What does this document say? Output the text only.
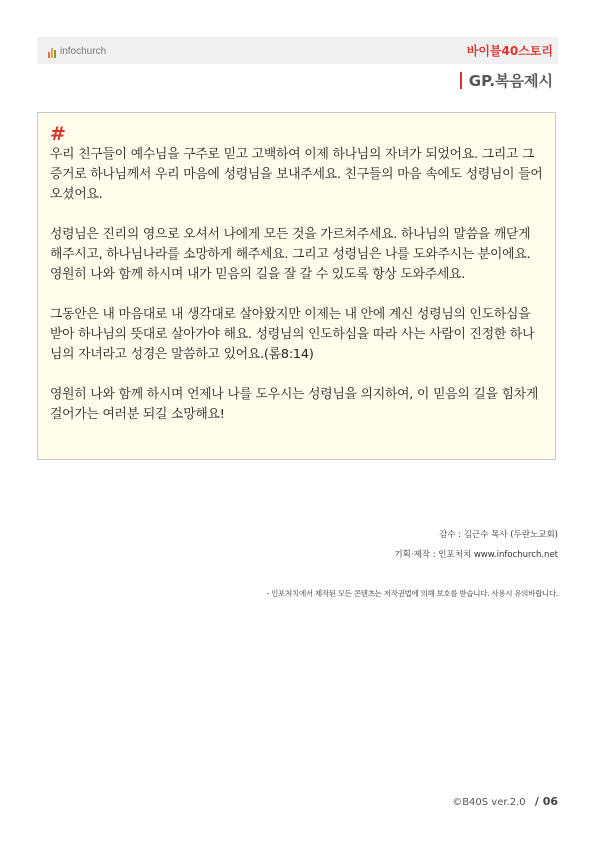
infochurch	바이블40스토리
GP.복음제시
#

우리 친구들이 예수님을 구주로 믿고 고백하여 이제 하나님의 자녀가 되었어요. 그리고 그 증거로 하나님께서 우리 마음에 성령님을 보내주세요. 친구들의 마음 속에도 성령님이 들어오셨어요.

성령님은 진리의 영으로 오셔서 나에게 모든 것을 가르쳐주세요. 하나님의 말씀을 깨닫게 해주시고, 하나님나라를 소망하게 해주세요. 그리고 성령님은 나를 도와주시는 분이에요. 영원히 나와 함께 하시며 내가 믿음의 길을 잘 갈 수 있도록 항상 도와주세요.

그동안은 내 마음대로 내 생각대로 살아왔지만 이제는 내 안에 계신 성령님의 인도하심을 받아 하나님의 뜻대로 살아가야 해요. 성령님의 인도하심을 따라 사는 사람이 진정한 하나님의 자녀라고 성경은 말씀하고 있어요.(롬8:14)

영원히 나와 함께 하시며 언제나 나를 도우시는 성령님을 의지하여, 이 믿음의 길을 힘차게 걸어가는 여러분 되길 소망해요!

감수 : 김근수 목사 (두란노교회)
기획·제작 : 인포처치 www.infochurch.net
- 인포처치에서 제작된 모든 콘텐츠는 저작권법에 의해 보호를 받습니다. 사용시 유의바랍니다.
©B40S ver.2.0 / 06
